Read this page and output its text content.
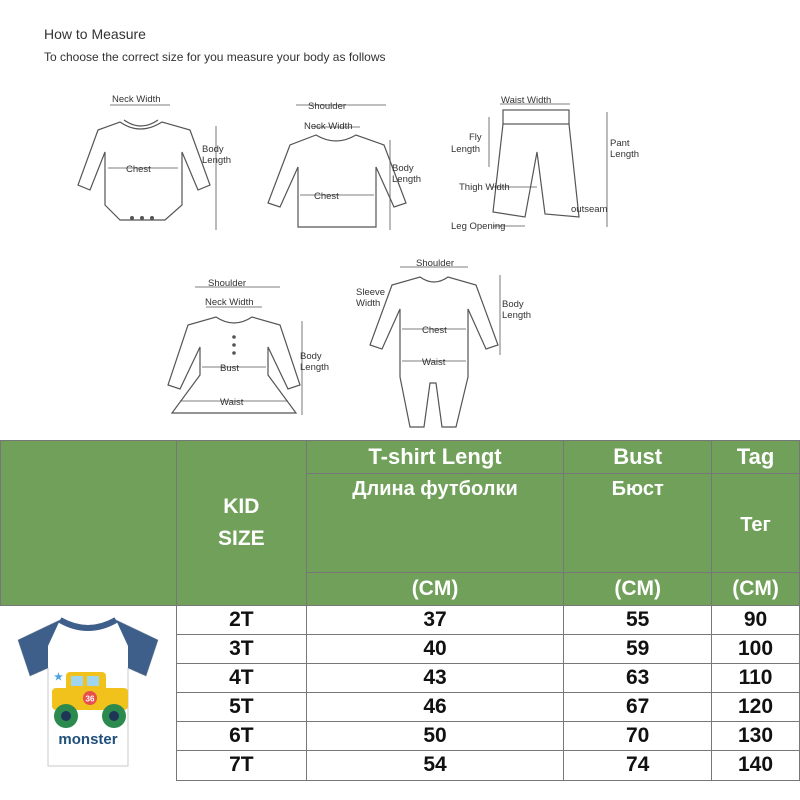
How to Measure
To choose the correct size for you measure your body as follows
Neck Width
Chest
Body
Length
Shoulder
Neck Width
Chest
Body
Length
Waist Width
Fly
Length
Pant
Length
Thigh Width
outseam
Leg Opening
Shoulder
Neck Width
Bust
Waist
Body
Length
Shoulder
Sleeve
Width
Chest
Waist
Body
Length
	KID
SIZE	T-shirt Lengt	Bust	Tag
		Длина футболки	Бюст	Тег
		(CM)	(CM)	(CM)

36
monster
★	2T	37	55	90
	3T	40	59	100
	4T	43	63	110
	5T	46	67	120
	6T	50	70	130
	7T	54	74	140
